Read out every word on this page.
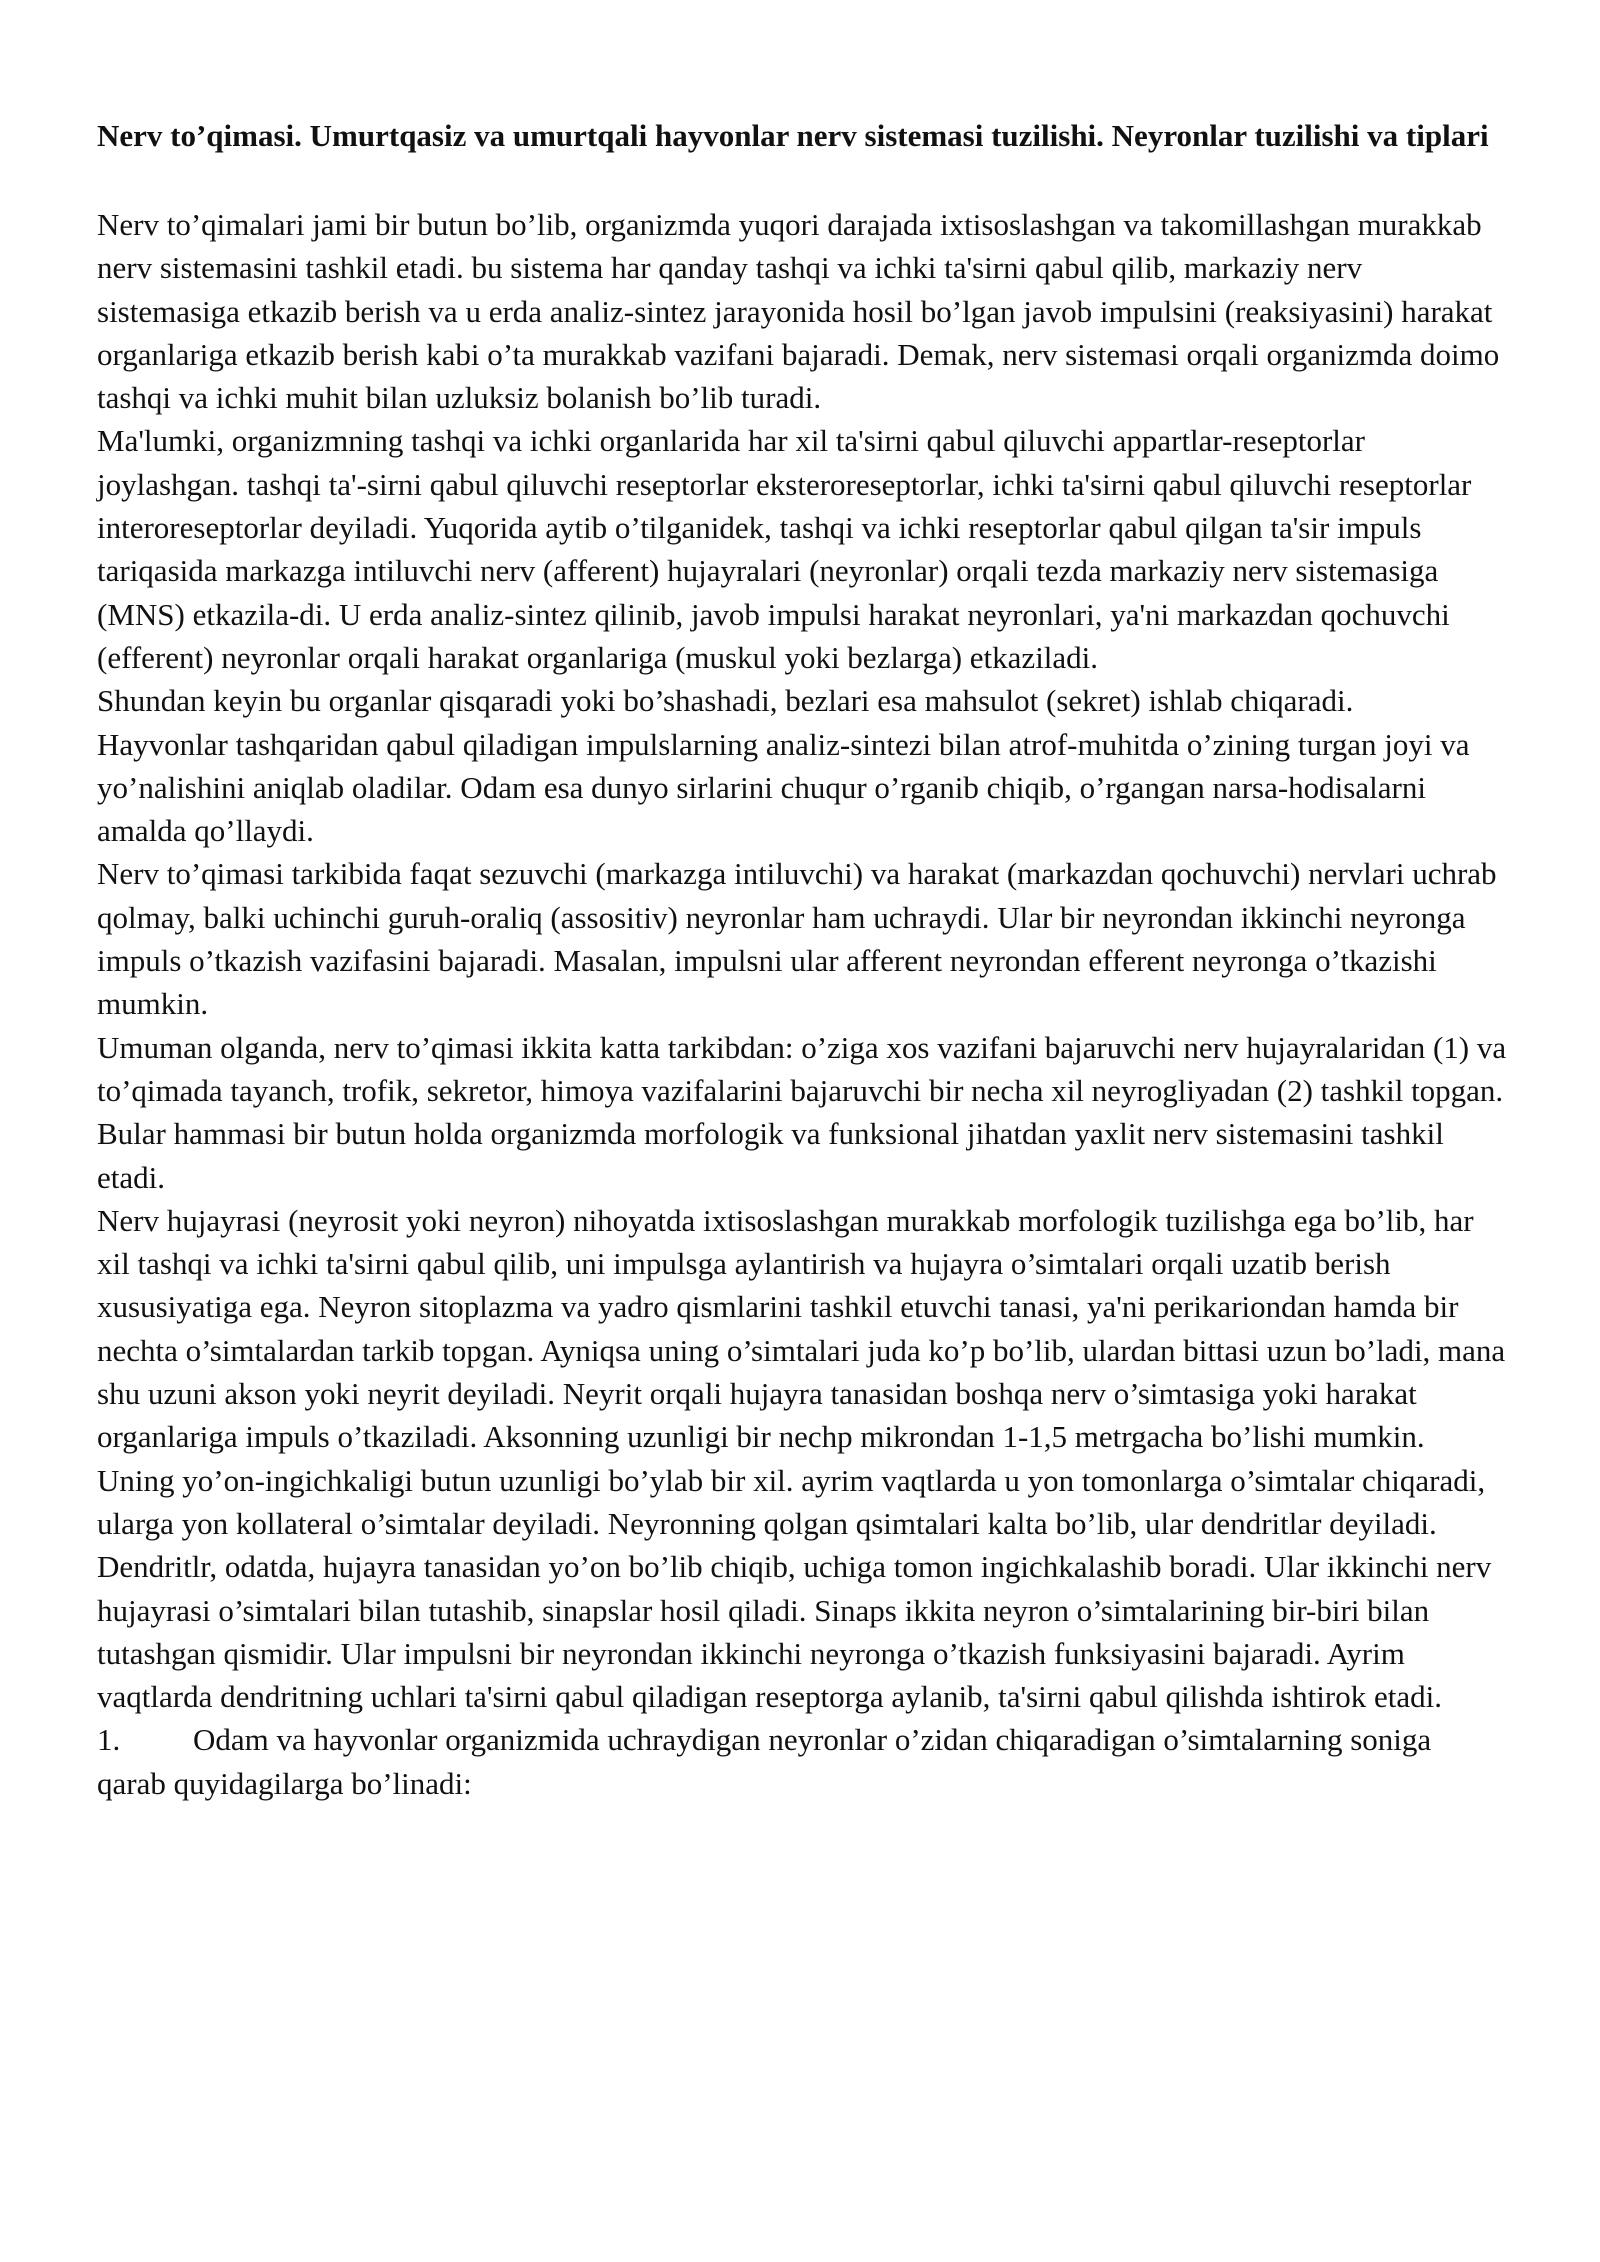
Nerv to’qimasi. Umurtqasiz va umurtqali hayvonlar nerv sistemasi tuzilishi. Neyronlar tuzilishi va tiplari

Nerv to’qimalari jami bir butun bo’lib, organizmda yuqori darajada ixtisoslashgan va takomillashgan murakkab nerv sistemasini tashkil etadi. bu sistema har qanday tashqi va ichki ta'sirni qabul qilib, markaziy nerv sistemasiga etkazib berish va u erda analiz-sintez jarayonida hosil bo’lgan javob impulsini (reaksiyasini) harakat organlariga etkazib berish kabi o’ta murakkab vazifani bajaradi. Demak, nerv sistemasi orqali organizmda doimo tashqi va ichki muhit bilan uzluksiz bolanish bo’lib turadi.

Ma'lumki, organizmning tashqi va ichki organlarida har xil ta'sirni qabul qiluvchi appartlar-reseptorlar joylashgan. tashqi ta'-sirni qabul qiluvchi reseptorlar eksteroreseptorlar, ichki ta'sirni qabul qiluvchi reseptorlar interoreseptorlar deyiladi. Yuqorida aytib o’tilganidek, tashqi va ichki reseptorlar qabul qilgan ta'sir impuls tariqasida markazga intiluvchi nerv (afferent) hujayralari (neyronlar) orqali tezda markaziy nerv sistemasiga (MNS) etkazila-di. U erda analiz-sintez qilinib, javob impulsi harakat neyronlari, ya'ni markazdan qochuvchi (efferent) neyronlar orqali harakat organlariga (muskul yoki bezlarga) etkaziladi.

Shundan keyin bu organlar qisqaradi yoki bo’shashadi, bezlari esa mahsulot (sekret) ishlab chiqaradi.

Hayvonlar tashqaridan qabul qiladigan impulslarning analiz-sintezi bilan atrof-muhitda o’zining turgan joyi va yo’nalishini aniqlab oladilar. Odam esa dunyo sirlarini chuqur o’rganib chiqib, o’rgangan narsa-hodisalarni amalda qo’llaydi.

Nerv to’qimasi tarkibida faqat sezuvchi (markazga intiluvchi) va harakat (markazdan qochuvchi) nervlari uchrab qolmay, balki uchinchi guruh-oraliq (assositiv) neyronlar ham uchraydi. Ular bir neyrondan ikkinchi neyronga impuls o’tkazish vazifasini bajaradi. Masalan, impulsni ular afferent neyrondan efferent neyronga o’tkazishi mumkin.

Umuman olganda, nerv to’qimasi ikkita katta tarkibdan: o’ziga xos vazifani bajaruvchi nerv hujayralaridan (1) va to’qimada tayanch, trofik, sekretor, himoya vazifalarini bajaruvchi bir necha xil neyrogliyadan (2) tashkil topgan. Bular hammasi bir butun holda organizmda morfologik va funksional jihatdan yaxlit nerv sistemasini tashkil etadi.

Nerv hujayrasi (neyrosit yoki neyron) nihoyatda ixtisoslashgan murakkab morfologik tuzilishga ega bo’lib, har xil tashqi va ichki ta'sirni qabul qilib, uni impulsga aylantirish va hujayra o’simtalari orqali uzatib berish xususiyatiga ega. Neyron sitoplazma va yadro qismlarini tashkil etuvchi tanasi, ya'ni perikariondan hamda bir nechta o’simtalardan tarkib topgan. Ayniqsa uning o’simtalari juda ko’p bo’lib, ulardan bittasi uzun bo’ladi, mana shu uzuni akson yoki neyrit deyiladi. Neyrit orqali hujayra tanasidan boshqa nerv o’simtasiga yoki harakat organlariga impuls o’tkaziladi. Aksonning uzunligi bir nechp mikrondan 1-1,5 metrgacha bo’lishi mumkin. Uning yo’on-ingichkaligi butun uzunligi bo’ylab bir xil. ayrim vaqtlarda u yon tomonlarga o’simtalar chiqaradi, ularga yon kollateral o’simtalar deyiladi. Neyronning qolgan qsimtalari kalta bo’lib, ular dendritlar deyiladi. Dendritlr, odatda, hujayra tanasidan yo’on bo’lib chiqib, uchiga tomon ingichkalashib boradi. Ular ikkinchi nerv hujayrasi o’simtalari bilan tutashib, sinapslar hosil qiladi. Sinaps ikkita neyron o’simtalarining bir-biri bilan tutashgan qismidir. Ular impulsni bir neyrondan ikkinchi neyronga o’tkazish funksiyasini bajaradi. Ayrim vaqtlarda dendritning uchlari ta'sirni qabul qiladigan reseptorga aylanib, ta'sirni qabul qilishda ishtirok etadi.

1. Odam va hayvonlar organizmida uchraydigan neyronlar o’zidan chiqaradigan o’simtalarning soniga qarab quyidagilarga bo’linadi:
